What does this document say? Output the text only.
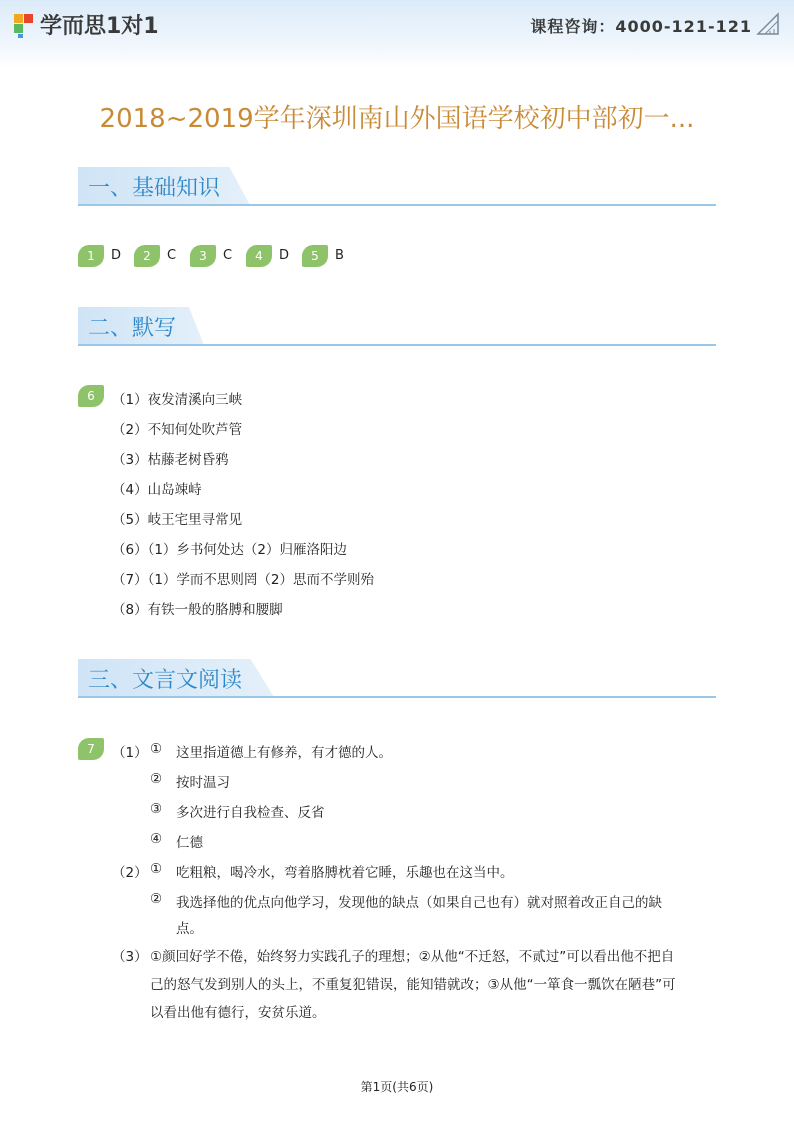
学而思1对1	课程咨询：4000-121-121
2018~2019学年深圳南山外国语学校初中部初一...
一、基础知识
1	D	2	C	3	C	4	D	5	B
二、默写
6	（1）夜发清溪向三峡
（2）不知何处吹芦管
（3）枯藤老树昏鸦
（4）山岛竦峙
（5）岐王宅里寻常见
（6）（1）乡书何处达（2）归雁洛阳边
（7）（1）学而不思则罔（2）思而不学则殆
（8）有铁一般的胳膊和腰脚
三、文言文阅读
7	（1） ① 这里指道德上有修养，有才德的人。
② 按时温习
③ 多次进行自我检查、反省
④ 仁德
（2） ① 吃粗粮，喝冷水，弯着胳膊枕着它睡，乐趣也在这当中。
② 我选择他的优点向他学习，发现他的缺点（如果自己也有）就对照着改正自己的缺
点。
（3） ①颜回好学不倦，始终努力实践孔子的理想；②从他“不迁怒，不贰过”可以看出他不把自
己的怒气发到别人的头上，不重复犯错误，能知错就改；③从他“一箪食一瓢饮在陋巷”可
以看出他有德行，安贫乐道。
第1页(共6页)
